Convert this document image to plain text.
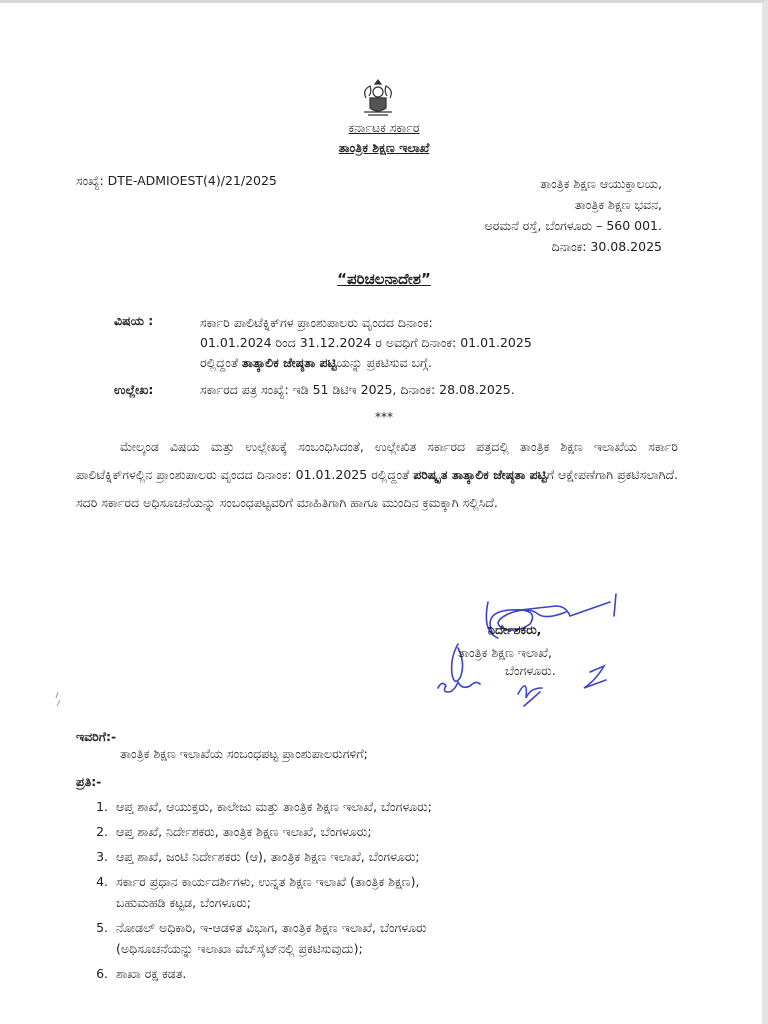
ಕರ್ನಾಟಕ ಸರ್ಕಾರ
ತಾಂತ್ರಿಕ ಶಿಕ್ಷಣ ಇಲಾಖೆ
ಸಂಖ್ಯೆ: DTE-ADMIOEST(4)/21/2025	ತಾಂತ್ರಿಕ ಶಿಕ್ಷಣ ಆಯುಕ್ತಾಲಯ,
ತಾಂತ್ರಿಕ ಶಿಕ್ಷಣ ಭವನ,
ಅರಮನೆ ರಸ್ತೆ, ಬೆಂಗಳೂರು – 560 001.
ದಿನಾಂಕ: 30.08.2025
“ಪರಿಚಲನಾದೇಶ”
ವಿಷಯ :	ಸರ್ಕಾರಿ ಪಾಲಿಟೆಕ್ನಿಕ್‌ಗಳ ಪ್ರಾಂಶುಪಾಲರು ವೃಂದದ ದಿನಾಂಕ:
01.01.2024 ರಿಂದ 31.12.2024 ರ ಅವಧಿಗೆ ದಿನಾಂಕ: 01.01.2025
ರಲ್ಲಿದ್ದಂತೆ ತಾತ್ಕಾಲಿಕ ಜೇಷ್ಠತಾ ಪಟ್ಟಿಯನ್ನು ಪ್ರಕಟಿಸುವ ಬಗ್ಗೆ.
ಉಲ್ಲೇಖ:	ಸರ್ಕಾರದ ಪತ್ರ ಸಂಖ್ಯೆ: ಇಡಿ 51 ಡಿಟಿಇ 2025, ದಿನಾಂಕ: 28.08.2025.
***
ಮೇಲ್ಕಂಡ ವಿಷಯ ಮತ್ತು ಉಲ್ಲೇಖಕ್ಕೆ ಸಂಬಂಧಿಸಿದಂತೆ, ಉಲ್ಲೇಖಿತ ಸರ್ಕಾರದ ಪತ್ರದಲ್ಲಿ ತಾಂತ್ರಿಕ ಶಿಕ್ಷಣ ಇಲಾಖೆಯ ಸರ್ಕಾರಿ ಪಾಲಿಟೆಕ್ನಿಕ್‌ಗಳಲ್ಲಿನ ಪ್ರಾಂಶುಪಾಲರು ವೃಂದದ ದಿನಾಂಕ: 01.01.2025 ರಲ್ಲಿದ್ದಂತೆ ಪರಿಷ್ಕೃತ ತಾತ್ಕಾಲಿಕ ಜೇಷ್ಠತಾ ಪಟ್ಟಿಗೆ ಆಕ್ಷೇಪಣೆಗಾಗಿ ಪ್ರಕಟಿಸಲಾಗಿದೆ. ಸದರಿ ಸರ್ಕಾರದ ಅಧಿಸೂಚನೆಯನ್ನು ಸಂಬಂಧಪಟ್ಟವರಿಗೆ ಮಾಹಿತಿಗಾಗಿ ಹಾಗೂ ಮುಂದಿನ ಕ್ರಮಕ್ಕಾಗಿ ಸಲ್ಲಿಸಿದೆ.
ನಿರ್ದೇಶಕರು,
ತಾಂತ್ರಿಕ ಶಿಕ್ಷಣ ಇಲಾಖೆ,
ಬೆಂಗಳೂರು.
ಇವರಿಗೆ:-
ತಾಂತ್ರಿಕ ಶಿಕ್ಷಣ ಇಲಾಖೆಯ ಸಂಬಂಧಪಟ್ಟ ಪ್ರಾಂಶುಪಾಲರುಗಳಿಗೆ;
ಪ್ರತಿ:-
1. ಆಪ್ತ ಶಾಖೆ, ಆಯುಕ್ತರು, ಕಾಲೇಜು ಮತ್ತು ತಾಂತ್ರಿಕ ಶಿಕ್ಷಣ ಇಲಾಖೆ, ಬೆಂಗಳೂರು;
2. ಆಪ್ತ ಶಾಖೆ, ನಿರ್ದೇಶಕರು, ತಾಂತ್ರಿಕ ಶಿಕ್ಷಣ ಇಲಾಖೆ, ಬೆಂಗಳೂರು;
3. ಆಪ್ತ ಶಾಖೆ, ಜಂಟಿ ನಿರ್ದೇಶಕರು (ಆ), ತಾಂತ್ರಿಕ ಶಿಕ್ಷಣ ಇಲಾಖೆ, ಬೆಂಗಳೂರು;
4. ಸರ್ಕಾರ ಪ್ರಧಾನ ಕಾರ್ಯದರ್ಶಿಗಳು, ಉನ್ನತ ಶಿಕ್ಷಣ ಇಲಾಖೆ (ತಾಂತ್ರಿಕ ಶಿಕ್ಷಣ),
ಬಹುಮಹಡಿ ಕಟ್ಟಡ, ಬೆಂಗಳೂರು;
5. ನೋಡಲ್ ಅಧಿಕಾರಿ, ಇ-ಆಡಳಿತ ವಿಭಾಗ, ತಾಂತ್ರಿಕ ಶಿಕ್ಷಣ ಇಲಾಖೆ, ಬೆಂಗಳೂರು
(ಅಧಿಸೂಚನೆಯನ್ನು ಇಲಾಖಾ ವೆಬ್‌ಸೈಟ್‌ನಲ್ಲಿ ಪ್ರಕಟಿಸುವುದು);
6. ಶಾಖಾ ರಕ್ಷ ಕಡತ.
